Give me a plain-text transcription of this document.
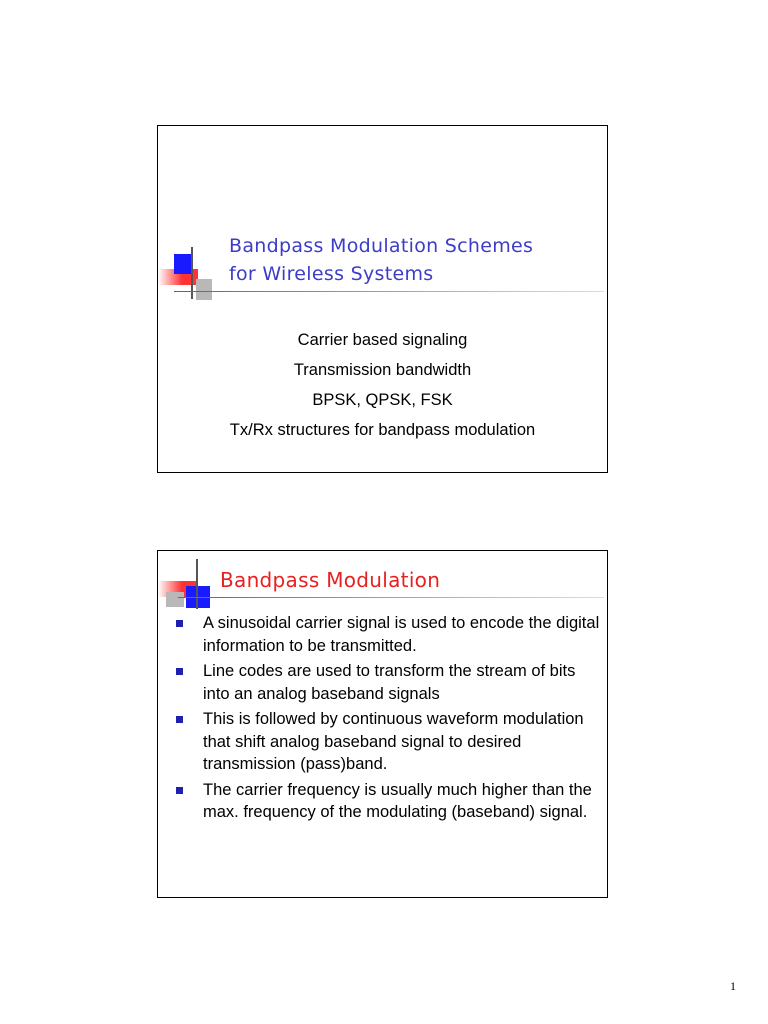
Bandpass Modulation Schemes
for Wireless Systems
Carrier based signaling
Transmission bandwidth
BPSK, QPSK, FSK
Tx/Rx structures for bandpass modulation
Bandpass Modulation
A sinusoidal carrier signal is used to encode the digital information to be transmitted.
Line codes are used to transform the stream of bits into an analog baseband signals
This is followed by continuous waveform modulation that shift analog baseband signal to desired transmission (pass)band.
The carrier frequency is usually much higher than the max. frequency of the modulating (baseband) signal.
1
